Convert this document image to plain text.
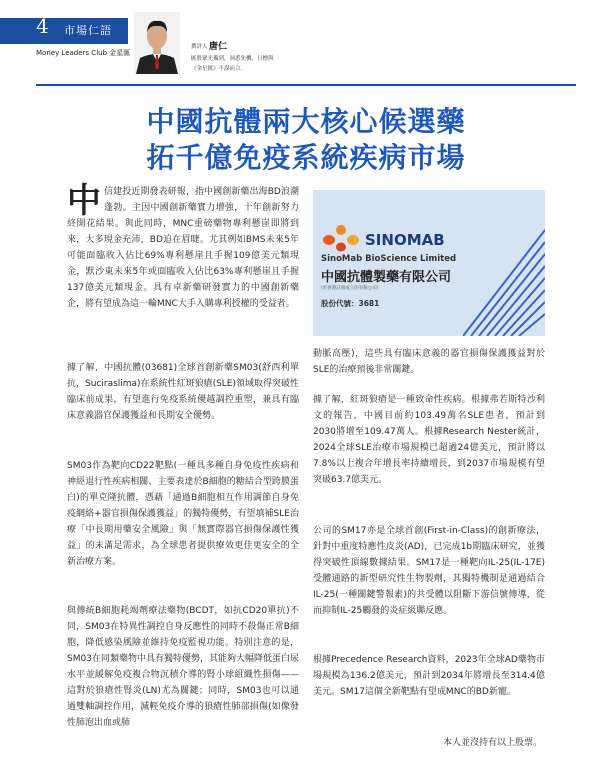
4 市場仁語
Money Leaders Club 金星匯
撰評人 唐仁
匯股眾光獨到，洞悉先機，日標與《金星匯》不謀而合。
中國抗體兩大核心候選藥
拓千億免疫系統疾病市場

中信建投近期發表研報，指中國創新藥出海BD浪潮蓬勃。主因中國創新藥實力增強，十年創新努力終開花結果。與此同時，MNC重磅藥物專利懸崖即將到來，大多現金充沛，BD迫在眉睫。尤其例如BMS未來5年可能面臨收入佔比69%專利懸崖且手握109億美元類現金，默沙東未來5年或面臨收入佔比63%專利懸崖且手握137億美元類現金。具有卓新藥研發實力的中國創新藥企，將有望成為這一輪MNC大手入購專利授權的受益者。

據了解，中國抗體(03681)全球首創新藥SM03(舒西利單抗，Suciraslima)在系統性紅斑狼瘡(SLE)領域取得突破性臨床前成果，有望進行免疫系統優越調控重塑，兼具有臨床意義器官保護獲益和長期安全優勢。

SM03作為靶向CD22靶點(一種具多種自身免疫性疾病和神經退行性疾病相關、主要表達於B細胞的糖結合型跨膜蛋白)的單克隆抗體，憑藉「通過B細胞相互作用調節自身免疫網絡+器官損傷保護獲益」的獨特優勢，有望填補SLE治療「中長期用藥安全風險」與「無實際器官損傷保護性獲益」的未滿足需求，為全球患者提供療效更佳更安全的全新治療方案。

與傳統B細胞耗竭劑療法藥物(BCDT，如抗CD20單抗)不同，SM03在特異性調控自身反應性的同時不殺傷正常B細胞，降低感染風險並維持免疫監視功能。特別注意的是，SM03在同類藥物中具有獨特優勢，其能夠大幅降低蛋白尿水平並緩解免疫複合物沉積介導的腎小球組織性損傷——這對於狼瘡性腎炎(LN)尤為關鍵；同時，SM03也可以通過雙軸調控作用，減輕免疫介導的狼瘡性肺部損傷(如像發性肺泡出血或肺

SINOMAB
SinoMab BioScience Limited
中國抗體製藥有限公司
(於香港註冊成立的有限公司)
股份代號：3681

動脈高壓)，這些具有臨床意義的器官損傷保護獲益對於SLE的治療預後非常關鍵。

據了解，紅斑狼瘡是一種致命性疾病。根據弗若斯特沙利文的報告，中國目前約103.49萬名SLE患者，預計到2030將增至109.47萬人。根據Research Nester統計，2024全球SLE治療市場規模已超過24億美元，預計將以7.8%以上複合年增長率持續增長，到2037市場規模有望突破63.7億美元。

公司的SM17亦是全球首創(First-in-Class)的創新療法，針對中重度特應性皮炎(AD)，已完成1b期臨床研究，並獲得突破性頂線數據結果。SM17是一種靶向IL-25(IL-17E)受體通路的新型研究性生物製劑，其獨特機制是通過結合IL-25(一種關鍵警報素)的共受體以阻斷下游信號傳導，從而抑制IL-25觸發的炎症級聯反應。

根據Precedence Research資料，2023年全球AD藥物市場規模為136.2億美元，預計到2034年將增長至314.4億美元。SM17這個全新靶點有望成MNC的BD新寵。

本人並沒持有以上股票。
